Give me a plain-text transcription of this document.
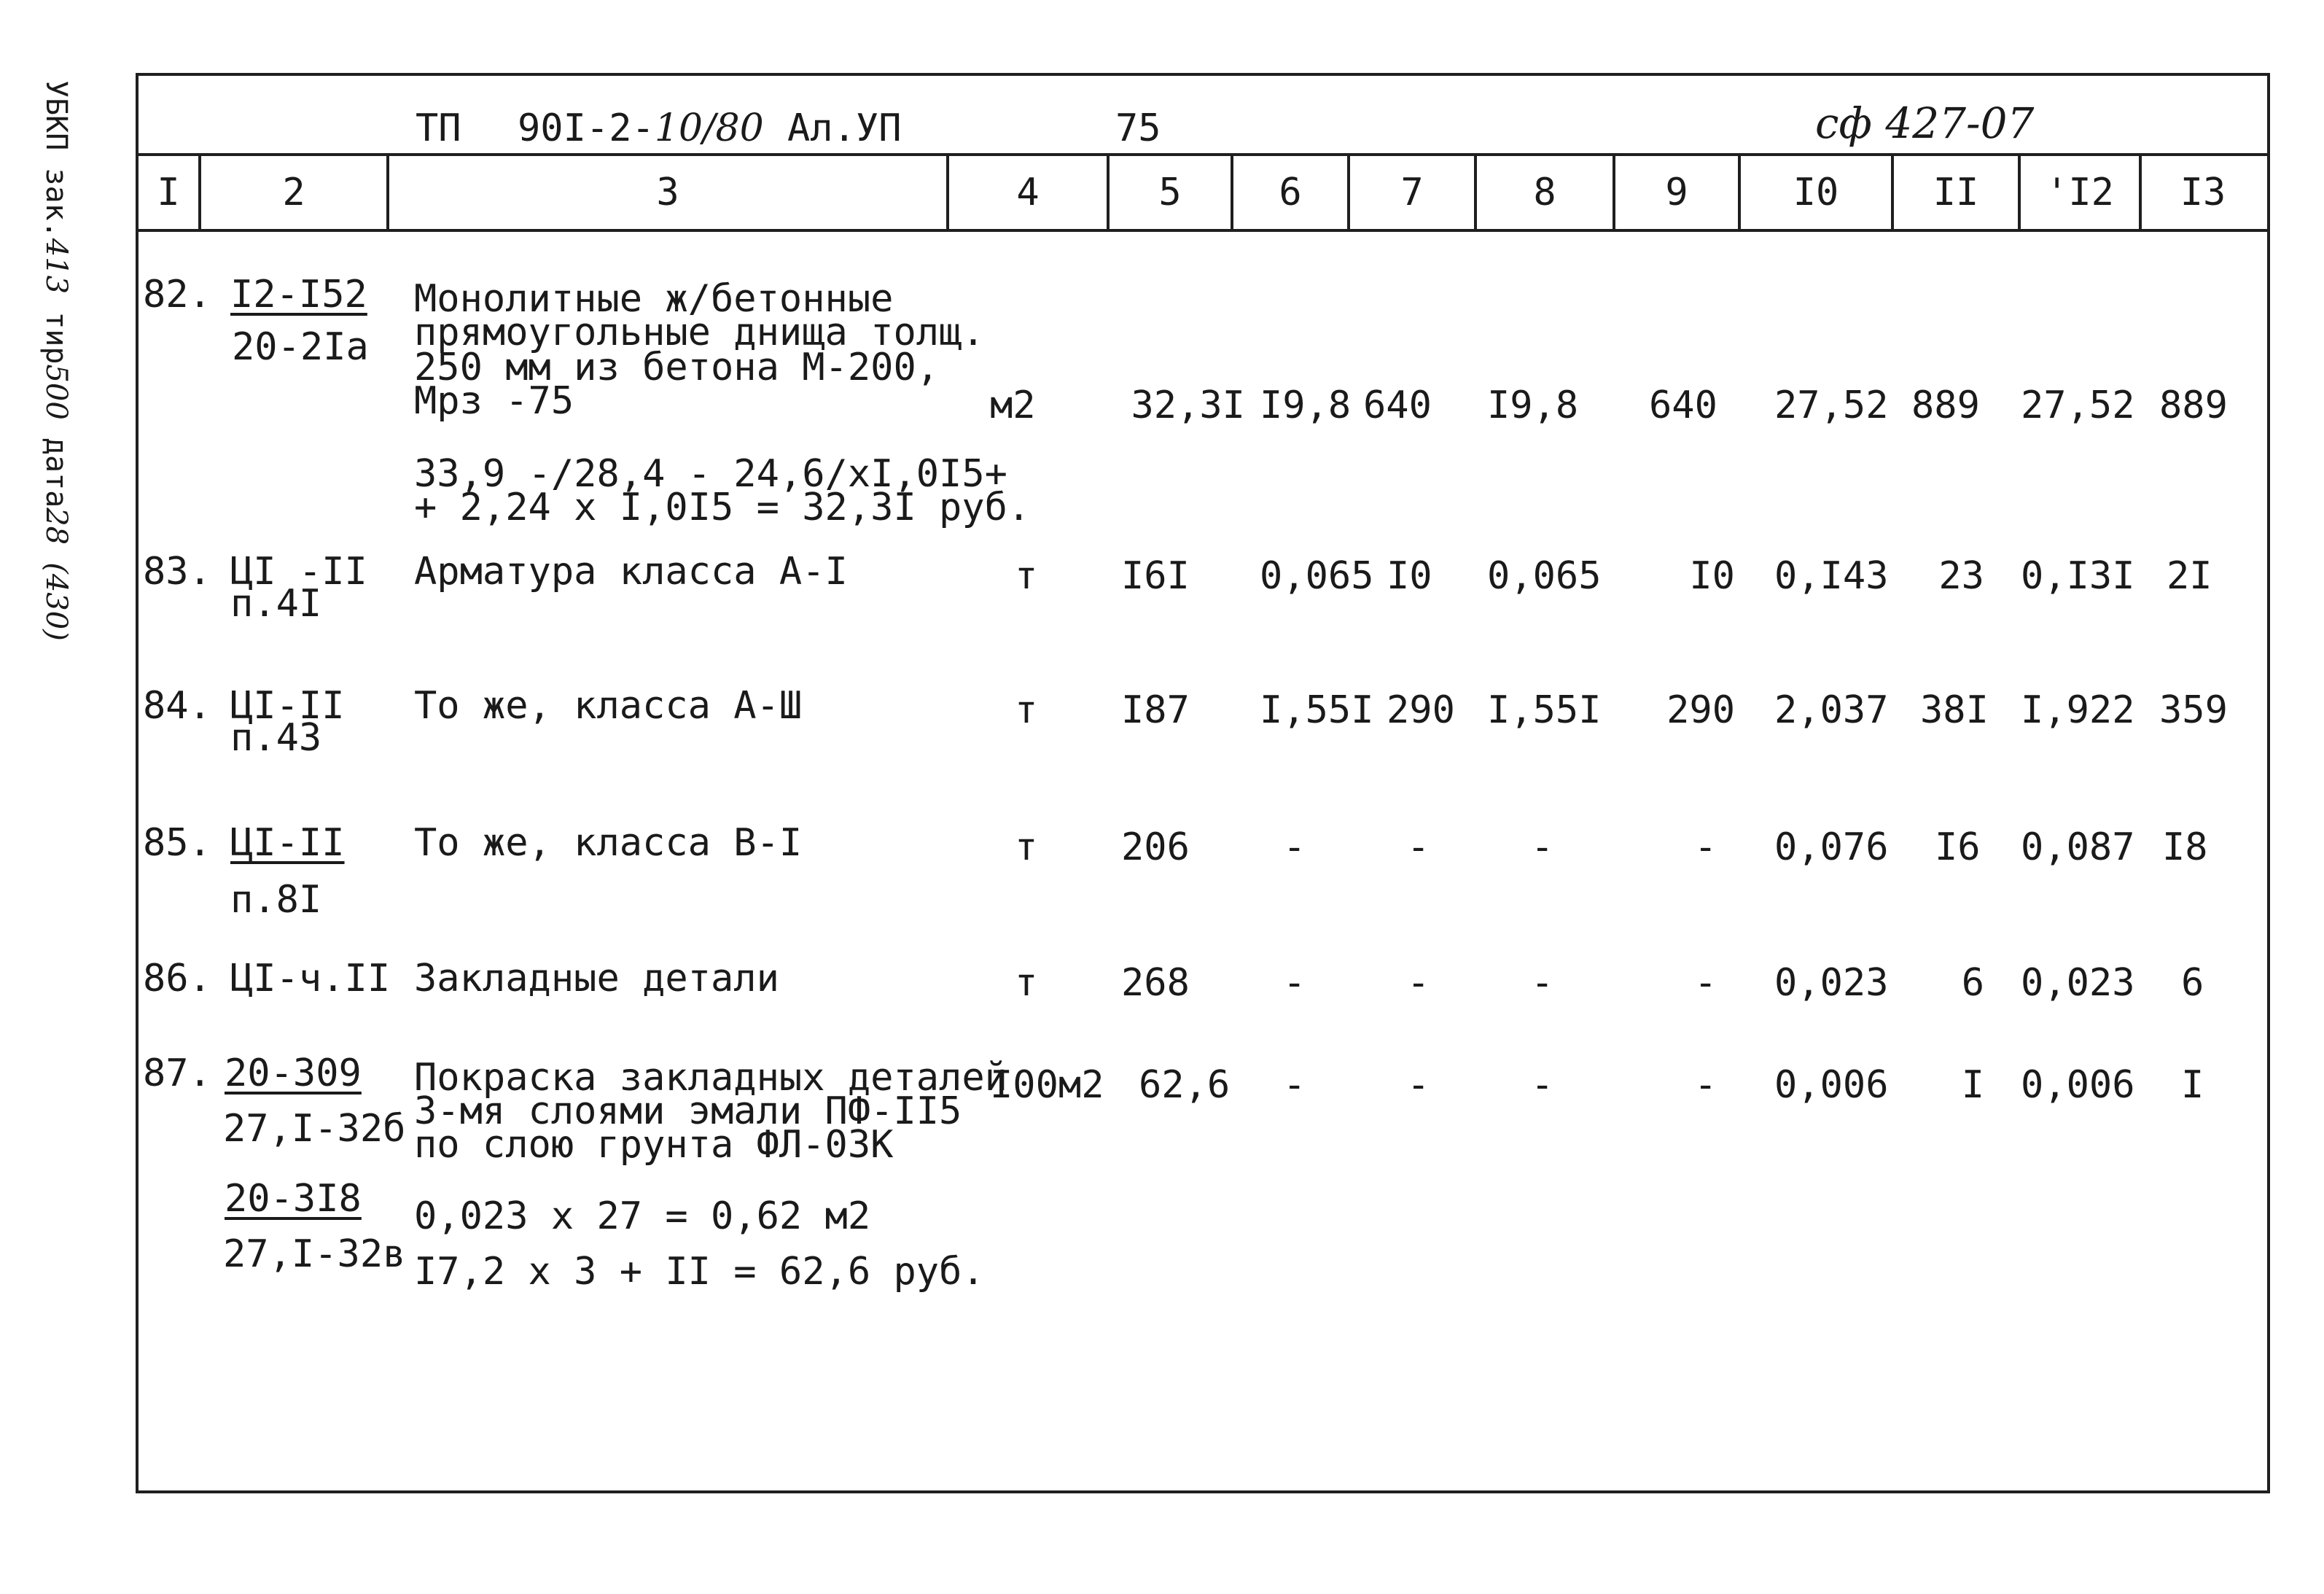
УБКП зак.413 тир500 дата28 (430)
ТП 90I-2-10/80 Ал.УП	75	сф 427-07
I	2	3	4	5	6	7	8	9	I0	II	'I2	I3
82. I2-I52
20-2Iа
Монолитные ж/бетонные
прямоугольные днища толщ.
250 мм из бетона М-200,
Мрз -75	м2	32,3I I9,8 640 I9,8 640 27,52 889 27,52 889
33,9 -/28,4 - 24,6/xI,0I5+
+ 2,24 x I,0I5 = 32,3I руб.
83. ЦI -II
п.4I
Арматура класса А-I	т I6I 0,065 I0 0,065	I0 0,I43	23 0,I3I 2I
84. ЦI-II
п.43
То же, класса А-Ш	т I87 I,55I 290 I,55I	290 2,037 38I I,922 359
85. ЦI-II
п.8I
То же, класса В-I	т 206 -	-	-	- 0,076 I6 0,087 I8
86. ЦI-ч.II Закладные детали	т 268 -	-	-	- 0,023	6 0,023 6
87. 20-309
27,I-32б
Покраска закладных деталей
3-мя слоями эмали ПФ-II5
по слою грунта ФЛ-03К
I00м2 62,6 -	-	-	- 0,006	I 0,006 I
20-3I8
27,I-32в
0,023 x 27 = 0,62 м2
I7,2 x 3 + II = 62,6 руб.
